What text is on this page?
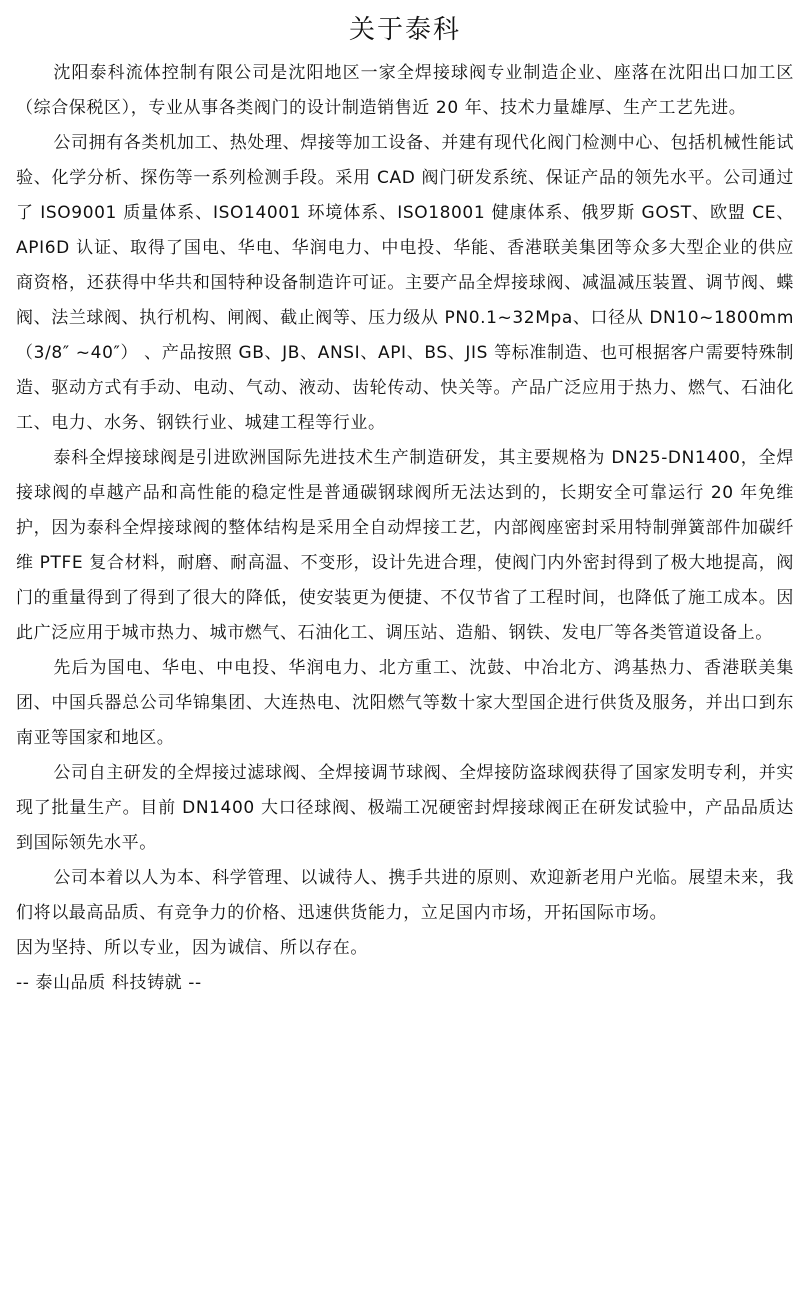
关于泰科

沈阳泰科流体控制有限公司是沈阳地区一家全焊接球阀专业制造企业、座落在沈阳出口加工区（综合保税区），专业从事各类阀门的设计制造销售近 20 年、技术力量雄厚、生产工艺先进。

公司拥有各类机加工、热处理、焊接等加工设备、并建有现代化阀门检测中心、包括机械性能试验、化学分析、探伤等一系列检测手段。采用 CAD 阀门研发系统、保证产品的领先水平。公司通过了 ISO9001 质量体系、ISO14001 环境体系、ISO18001 健康体系、俄罗斯 GOST、欧盟 CE、API6D 认证、取得了国电、华电、华润电力、中电投、华能、香港联美集团等众多大型企业的供应商资格，还获得中华共和国特种设备制造许可证。主要产品全焊接球阀、减温减压装置、调节阀、蝶阀、法兰球阀、执行机构、闸阀、截止阀等、压力级从 PN0.1~32Mpa、口径从 DN10~1800mm（3/8″ ~40″） 、产品按照 GB、JB、ANSI、API、BS、JIS 等标准制造、也可根据客户需要特殊制造、驱动方式有手动、电动、气动、液动、齿轮传动、快关等。产品广泛应用于热力、燃气、石油化工、电力、水务、钢铁行业、城建工程等行业。

泰科全焊接球阀是引进欧洲国际先进技术生产制造研发，其主要规格为 DN25-DN1400，全焊接球阀的卓越产品和高性能的稳定性是普通碳钢球阀所无法达到的，长期安全可靠运行 20 年免维护，因为泰科全焊接球阀的整体结构是采用全自动焊接工艺，内部阀座密封采用特制弹簧部件加碳纤维 PTFE 复合材料，耐磨、耐高温、不变形，设计先进合理，使阀门内外密封得到了极大地提高，阀门的重量得到了得到了很大的降低，使安装更为便捷、不仅节省了工程时间，也降低了施工成本。因此广泛应用于城市热力、城市燃气、石油化工、调压站、造船、钢铁、发电厂等各类管道设备上。

先后为国电、华电、中电投、华润电力、北方重工、沈鼓、中冶北方、鸿基热力、香港联美集团、中国兵器总公司华锦集团、大连热电、沈阳燃气等数十家大型国企进行供货及服务，并出口到东南亚等国家和地区。

公司自主研发的全焊接过滤球阀、全焊接调节球阀、全焊接防盗球阀获得了国家发明专利，并实现了批量生产。目前 DN1400 大口径球阀、极端工况硬密封焊接球阀正在研发试验中，产品品质达到国际领先水平。

公司本着以人为本、科学管理、以诚待人、携手共进的原则、欢迎新老用户光临。展望未来，我们将以最高品质、有竞争力的价格、迅速供货能力，立足国内市场，开拓国际市场。

因为坚持、所以专业，因为诚信、所以存在。

-- 泰山品质 科技铸就 --
